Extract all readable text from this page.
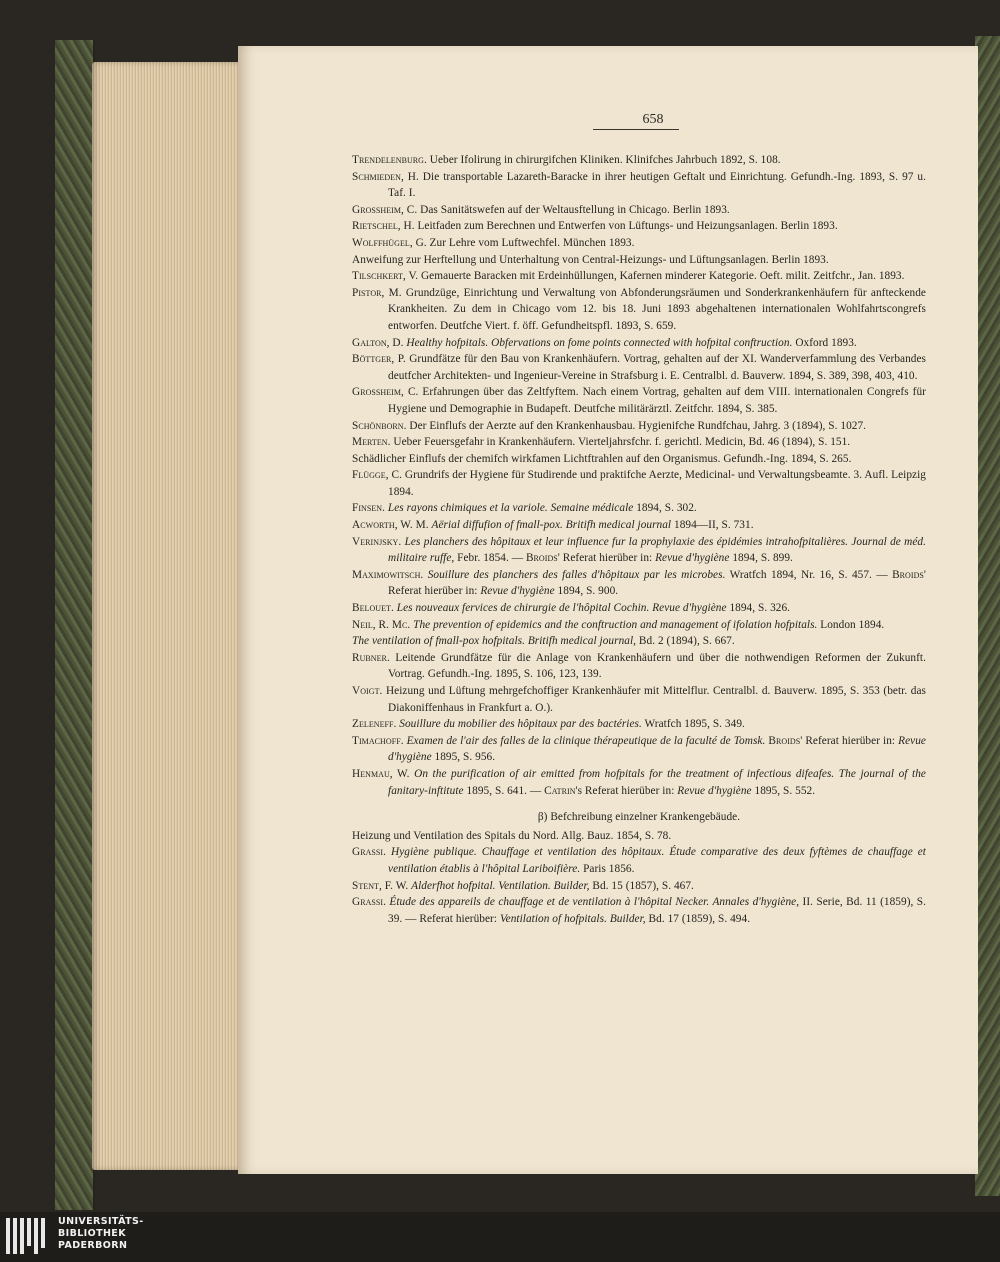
658
Trendelenburg. Ueber Ifolirung in chirurgifchen Kliniken. Klinifches Jahrbuch 1892, S. 108.
Schmieden, H. Die transportable Lazareth-Baracke in ihrer heutigen Geftalt und Einrichtung. Gefundh.-Ing. 1893, S. 97 u. Taf. I.
Grossheim, C. Das Sanitätswefen auf der Weltausftellung in Chicago. Berlin 1893.
Rietschel, H. Leitfaden zum Berechnen und Entwerfen von Lüftungs- und Heizungsanlagen. Berlin 1893.
Wolffhügel, G. Zur Lehre vom Luftwechfel. München 1893.
Anweifung zur Herftellung und Unterhaltung von Central-Heizungs- und Lüftungsanlagen. Berlin 1893.
Tilschkert, V. Gemauerte Baracken mit Erdeinhüllungen, Kafernen minderer Kategorie. Oeft. milit. Zeitfchr., Jan. 1893.
Pistor, M. Grundzüge, Einrichtung und Verwaltung von Abfonderungsräumen und Sonderkrankenhäufern für anfteckende Krankheiten. Zu dem in Chicago vom 12. bis 18. Juni 1893 abgehaltenen internationalen Wohlfahrtscongrefs entworfen. Deutfche Viert. f. öff. Gefundheitspfl. 1893, S. 659.
Galton, D. Healthy hofpitals. Obfervations on fome points connected with hofpital conftruction. Oxford 1893.
Böttger, P. Grundfätze für den Bau von Krankenhäufern. Vortrag, gehalten auf der XI. Wanderverfammlung des Verbandes deutfcher Architekten- und Ingenieur-Vereine in Strafsburg i. E. Centralbl. d. Bauverw. 1894, S. 389, 398, 403, 410.
Grossheim, C. Erfahrungen über das Zeltfyftem. Nach einem Vortrag, gehalten auf dem VIII. internationalen Congrefs für Hygiene und Demographie in Budapeft. Deutfche militärärztl. Zeitfchr. 1894, S. 385.
Schönborn. Der Einflufs der Aerzte auf den Krankenhausbau. Hygienifche Rundfchau, Jahrg. 3 (1894), S. 1027.
Merten. Ueber Feuersgefahr in Krankenhäufern. Vierteljahrsfchr. f. gerichtl. Medicin, Bd. 46 (1894), S. 151.
Schädlicher Einflufs der chemifch wirkfamen Lichtftrahlen auf den Organismus. Gefundh.-Ing. 1894, S. 265.
Flügge, C. Grundrifs der Hygiene für Studirende und praktifche Aerzte, Medicinal- und Verwaltungsbeamte. 3. Aufl. Leipzig 1894.
Finsen. Les rayons chimiques et la variole. Semaine médicale 1894, S. 302.
Acworth, W. M. Aërial diffufion of fmall-pox. Britifh medical journal 1894—II, S. 731.
Verinjsky. Les planchers des hôpitaux et leur influence fur la prophylaxie des épidémies intrahofpitalières. Journal de méd. militaire ruffe, Febr. 1854. — Broids' Referat hierüber in: Revue d'hygiène 1894, S. 899.
Maximowitsch. Souillure des planchers des falles d'hôpitaux par les microbes. Wratfch 1894, Nr. 16, S. 457. — Broids' Referat hierüber in: Revue d'hygiène 1894, S. 900.
Belouet. Les nouveaux fervices de chirurgie de l'hôpital Cochin. Revue d'hygiène 1894, S. 326.
Neil, R. Mc. The prevention of epidemics and the conftruction and management of ifolation hofpitals. London 1894.
The ventilation of fmall-pox hofpitals. Britifh medical journal, Bd. 2 (1894), S. 667.
Rubner. Leitende Grundfätze für die Anlage von Krankenhäufern und über die nothwendigen Reformen der Zukunft. Vortrag. Gefundh.-Ing. 1895, S. 106, 123, 139.
Voigt. Heizung und Lüftung mehrgefchoffiger Krankenhäufer mit Mittelflur. Centralbl. d. Bauverw. 1895, S. 353 (betr. das Diakoniffenhaus in Frankfurt a. O.).
Zeleneff. Souillure du mobilier des hôpitaux par des bactéries. Wratfch 1895, S. 349.
Timachoff. Examen de l'air des falles de la clinique thérapeutique de la faculté de Tomsk. Broids' Referat hierüber in: Revue d'hygiène 1895, S. 956.
Henmau, W. On the purification of air emitted from hofpitals for the treatment of infectious difeafes. The journal of the fanitary-inftitute 1895, S. 641. — Catrin's Referat hierüber in: Revue d'hygiène 1895, S. 552.
β) Befchreibung einzelner Krankengebäude.
Heizung und Ventilation des Spitals du Nord. Allg. Bauz. 1854, S. 78.
Grassi. Hygiène publique. Chauffage et ventilation des hôpitaux. Étude comparative des deux fyftèmes de chauffage et ventilation établis à l'hôpital Lariboifière. Paris 1856.
Stent, F. W. Alderfhot hofpital. Ventilation. Builder, Bd. 15 (1857), S. 467.
Grassi. Étude des appareils de chauffage et de ventilation à l'hôpital Necker. Annales d'hygiène, II. Serie, Bd. 11 (1859), S. 39. — Referat hierüber: Ventilation of hofpitals. Builder, Bd. 17 (1859), S. 494.
UNIVERSITÄTS-
BIBLIOTHEK
PADERBORN
